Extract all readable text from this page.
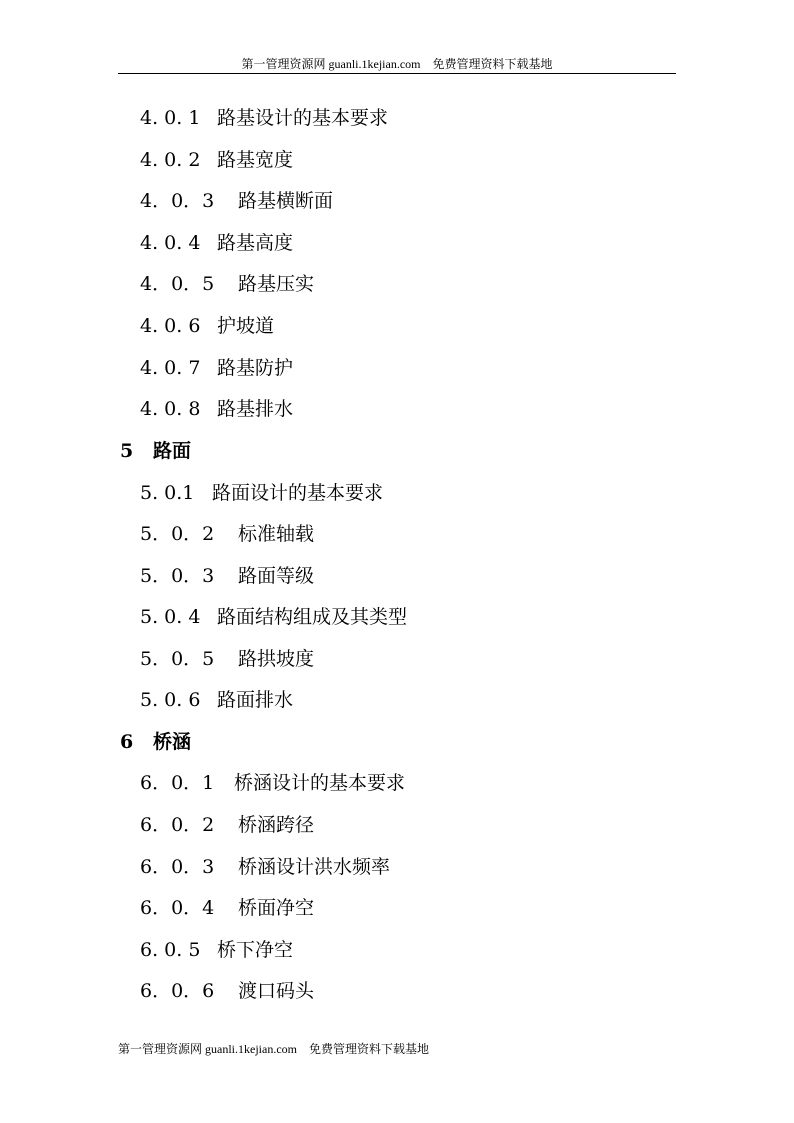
第一管理资源网 guanli.1kejian.com　免费管理资料下载基地
4. 0. 1 路基设计的基本要求
4. 0. 2 路基宽度
4．0．3 路基横断面
4. 0. 4 路基高度
4．0．5 路基压实
4. 0. 6 护坡道
4. 0. 7 路基防护
4. 0. 8 路基排水
5 路面
5. 0.1 路面设计的基本要求
5．0．2 标准轴载
5．0．3 路面等级
5. 0. 4 路面结构组成及其类型
5．0．5 路拱坡度
5. 0. 6 路面排水
6 桥涵
6．0．1 桥涵设计的基本要求
6．0．2 桥涵跨径
6．0．3 桥涵设计洪水频率
6．0．4 桥面净空
6. 0. 5 桥下净空
6．0．6 渡口码头
第一管理资源网 guanli.1kejian.com　免费管理资料下载基地
